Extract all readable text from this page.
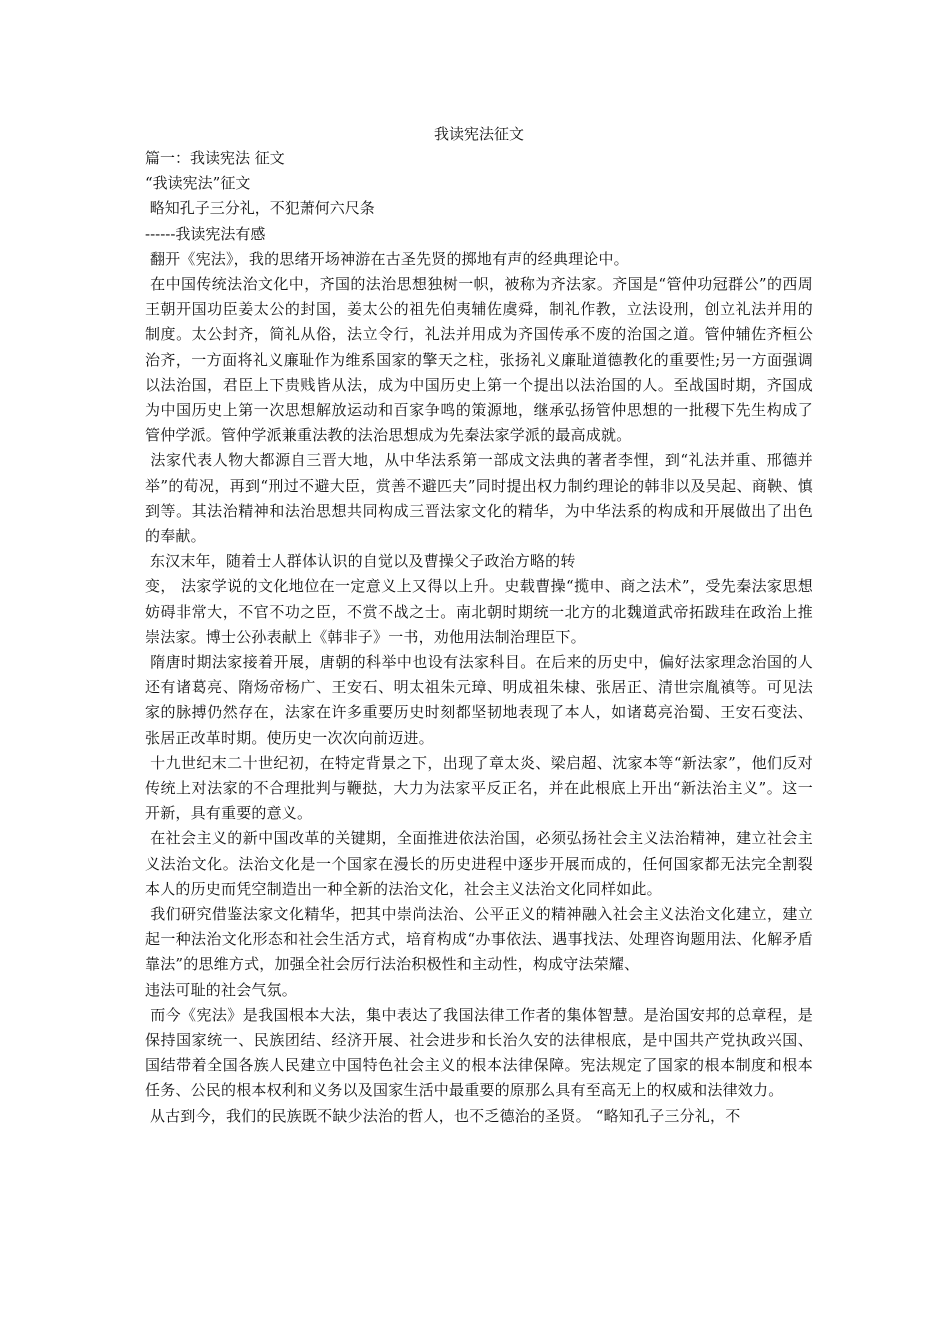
我读宪法征文
篇一：我读宪法 征文
“我读宪法”征文
略知孔子三分礼，不犯萧何六尺条
------我读宪法有感

翻开《宪法》，我的思绪开场神游在古圣先贤的掷地有声的经典理论中。

在中国传统法治文化中，齐国的法治思想独树一帜，被称为齐法家。齐国是“管仲功冠群公”的西周王朝开国功臣姜太公的封国，姜太公的祖先伯夷辅佐虞舜，制礼作教，立法设刑，创立礼法并用的制度。太公封齐，简礼从俗，法立令行，礼法并用成为齐国传承不废的治国之道。管仲辅佐齐桓公治齐，一方面将礼义廉耻作为维系国家的擎天之柱，张扬礼义廉耻道德教化的重要性;另一方面强调以法治国，君臣上下贵贱皆从法，成为中国历史上第一个提出以法治国的人。至战国时期，齐国成为中国历史上第一次思想解放运动和百家争鸣的策源地，继承弘扬管仲思想的一批稷下先生构成了管仲学派。管仲学派兼重法教的法治思想成为先秦法家学派的最高成就。

法家代表人物大都源自三晋大地，从中华法系第一部成文法典的著者李悝，到“礼法并重、邢德并举”的荀况，再到“刑过不避大臣，赏善不避匹夫”同时提出权力制约理论的韩非以及吴起、商鞅、慎到等。其法治精神和法治思想共同构成三晋法家文化的精华，为中华法系的构成和开展做出了出色的奉献。

东汉末年，随着士人群体认识的自觉以及曹操父子政治方略的转

变， 法家学说的文化地位在一定意义上又得以上升。史载曹操“揽申、商之法术”，受先秦法家思想妨碍非常大，不官不功之臣，不赏不战之士。南北朝时期统一北方的北魏道武帝拓跋珪在政治上推崇法家。博士公孙表献上《韩非子》一书，劝他用法制治理臣下。

隋唐时期法家接着开展，唐朝的科举中也设有法家科目。在后来的历史中，偏好法家理念治国的人还有诸葛亮、隋炀帝杨广、王安石、明太祖朱元璋、明成祖朱棣、张居正、清世宗胤禛等。可见法家的脉搏仍然存在，法家在许多重要历史时刻都坚韧地表现了本人，如诸葛亮治蜀、王安石变法、张居正改革时期。使历史一次次向前迈进。

十九世纪末二十世纪初，在特定背景之下，出现了章太炎、梁启超、沈家本等“新法家”，他们反对传统上对法家的不合理批判与鞭挞，大力为法家平反正名，并在此根底上开出“新法治主义”。这一开新，具有重要的意义。

在社会主义的新中国改革的关键期，全面推进依法治国，必须弘扬社会主义法治精神，建立社会主义法治文化。法治文化是一个国家在漫长的历史进程中逐步开展而成的，任何国家都无法完全割裂本人的历史而凭空制造出一种全新的法治文化，社会主义法治文化同样如此。

我们研究借鉴法家文化精华，把其中崇尚法治、公平正义的精神融入社会主义法治文化建立，建立起一种法治文化形态和社会生活方式，培育构成“办事依法、遇事找法、处理咨询题用法、化解矛盾靠法”的思维方式，加强全社会厉行法治积极性和主动性，构成守法荣耀、

违法可耻的社会气氛。

而今《宪法》是我国根本大法，集中表达了我国法律工作者的集体智慧。是治国安邦的总章程，是保持国家统一、民族团结、经济开展、社会进步和长治久安的法律根底，是中国共产党执政兴国、国结带着全国各族人民建立中国特色社会主义的根本法律保障。宪法规定了国家的根本制度和根本任务、公民的根本权利和义务以及国家生活中最重要的原那么具有至高无上的权威和法律效力。

从古到今，我们的民族既不缺少法治的哲人，也不乏德治的圣贤。 “略知孔子三分礼，不
